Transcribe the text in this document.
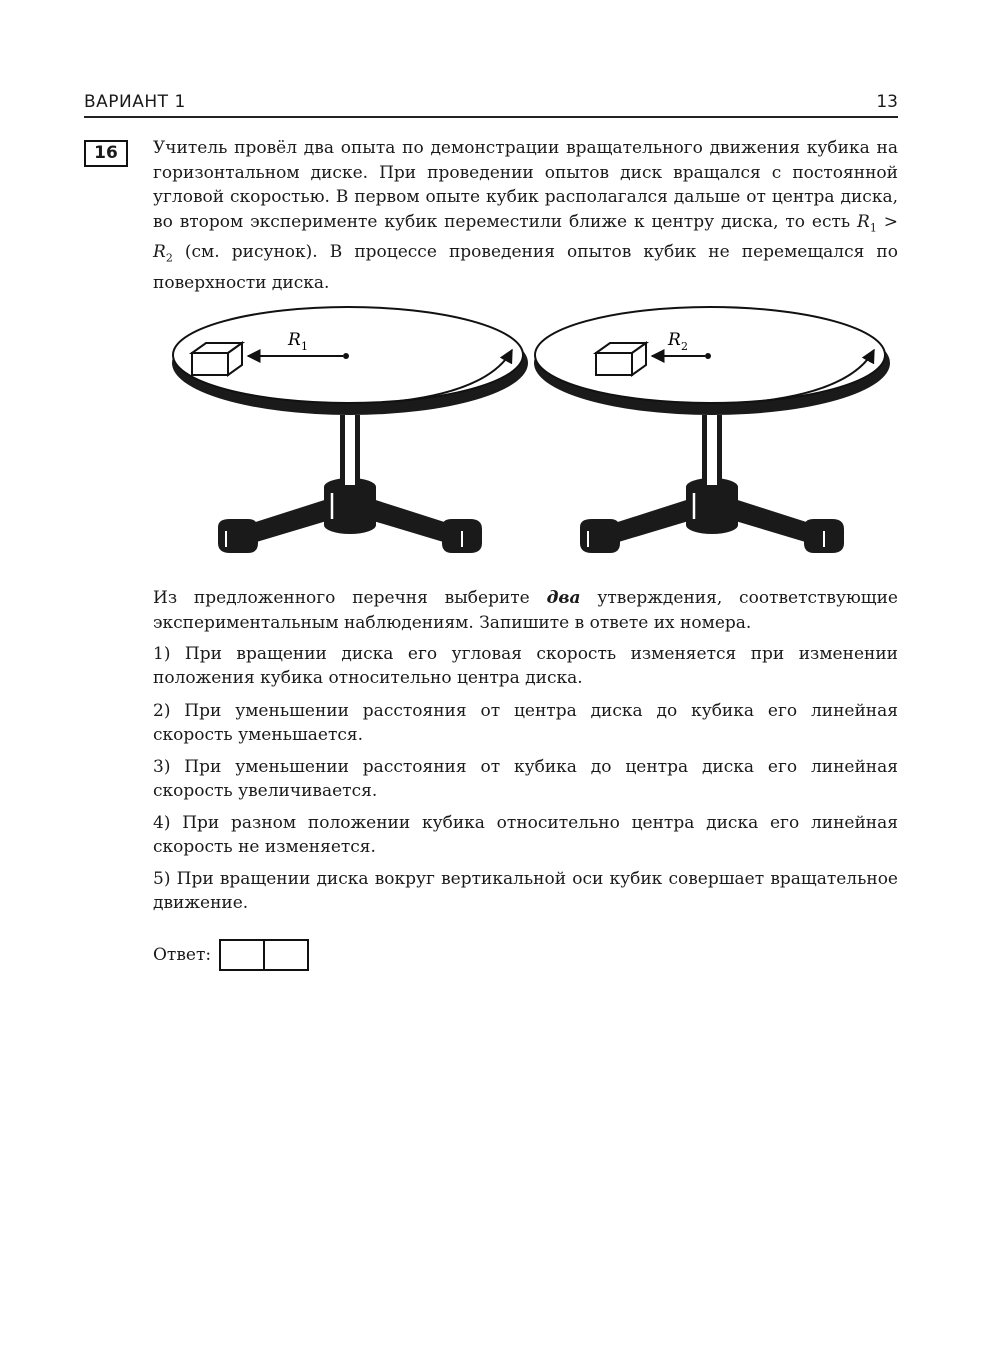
ВАРИАНТ 1	13
16	Учитель провёл два опыта по демонстрации вращательного движения кубика на горизонтальном диске. При проведении опытов диск вращался с постоянной угловой скоростью. В первом опыте кубик располагался дальше от центра диска, во втором эксперименте кубик переместили ближе к центру диска, то есть $R_1 > R_2$ (см. рисунок). В процессе проведения опытов кубик не перемещался по поверхности диска.

R 1	R 2

Из предложенного перечня выберите два утверждения, соответствующие экспериментальным наблюдениям. Запишите в ответе их номера.

1) При вращении диска его угловая скорость изменяется при изменении положения кубика относительно центра диска.

2) При уменьшении расстояния от центра диска до кубика его линейная скорость уменьшается.

3) При уменьшении расстояния от кубика до центра диска его линейная скорость увеличивается.

4) При разном положении кубика относительно центра диска его линейная скорость не изменяется.

5) При вращении диска вокруг вертикальной оси кубик совершает вращательное движение.

Ответ:
